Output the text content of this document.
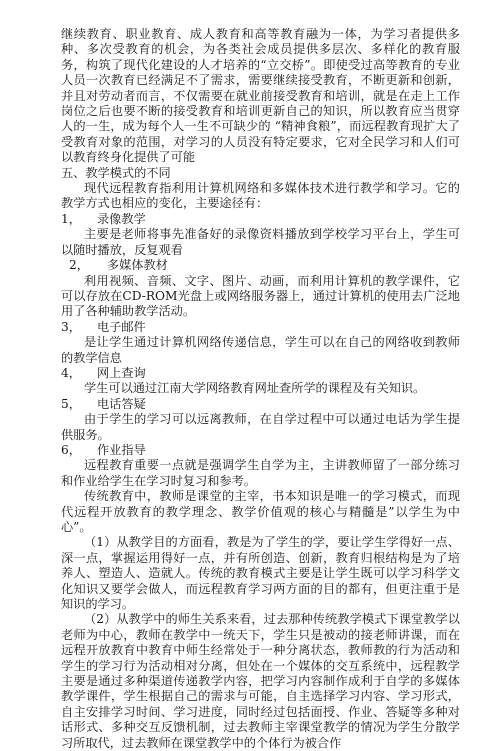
继续教育、职业教育、成人教育和高等教育融为一体，为学习者提供多种、多次受教育的机会，为各类社会成员提供多层次、多样化的教育服务，构筑了现代化建设的人才培养的“立交桥”。即使受过高等教育的专业人员一次教育已经满足不了需求，需要继续接受教育，不断更新和创新，并且对劳动者而言，不仅需要在就业前接受教育和培训，就是在走上工作岗位之后也要不断的接受教育和培训更新自己的知识，所以教育应当贯穿人的一生，成为每个人一生不可缺少的 “精神食粮”，而远程教育现扩大了受教育对象的范围，对学习的人员没有特定要求，它对全民学习和人们可以教育终身化提供了可能

五、教学模式的不同

现代远程教育指利用计算机网络和多媒体技术进行教学和学习。它的教学方式也相应的变化，主要途径有：

1，	录像教学

主要是老师将事先准备好的录像资料播放到学校学习平台上，学生可以随时播放，反复观看

2，	多媒体教材

利用视频、音频、文字、图片、动画，而利用计算机的教学课件，它可以存放在CD-ROM光盘上或网络服务器上，通过计算机的使用去广泛地用了各种辅助教学活动。

3，	电子邮件

是让学生通过计算机网络传递信息，学生可以在自己的网络收到教师的教学信息

4，	网上查询

学生可以通过江南大学网络教育网址查所学的课程及有关知识。

5，	电话答疑

由于学生的学习可以远离教师，在自学过程中可以通过电话为学生提供服务。

6，	作业指导

远程教育重要一点就是强调学生自学为主，主讲教师留了一部分练习和作业给学生在学习时复习和参考。

传统教育中，教师是课堂的主宰，书本知识是唯一的学习模式，而现代远程开放教育的教学理念、教学价值观的核心与精髓是”以学生为中心”。

（1）从教学目的方面看，教是为了学生的学，要让学生学得好一点、深一点，掌握运用得好一点，并有所创造、创新，教育归根结构是为了培养人、塑造人、造就人。传统的教育模式主要是让学生既可以学习科学文化知识又要学会做人，而远程教育学习两方面的目的都有，但更注重于是知识的学习。

（2）从教学中的师生关系来看，过去那种传统教学模式下课堂教学以老师为中心，教师在教学中一统天下，学生只是被动的接老师讲课，而在远程开放教育中教育中师生经常处于一种分离状态，教师教的行为活动和学生的学习行为活动相对分离，但处在一个媒体的交互系统中，远程教学主要是通过多种渠道传递教学内容，把学习内容制作成利于自学的多媒体教学课件，学生根据自己的需求与可能，自主选择学习内容、学习形式，自主安排学习时间、学习进度，同时经过包括面授、作业、答疑等多种对话形式、多种交互反馈机制，过去教师主宰课堂教学的情况为学生分散学习所取代，过去教师在课堂教学中的个体行为被合作
